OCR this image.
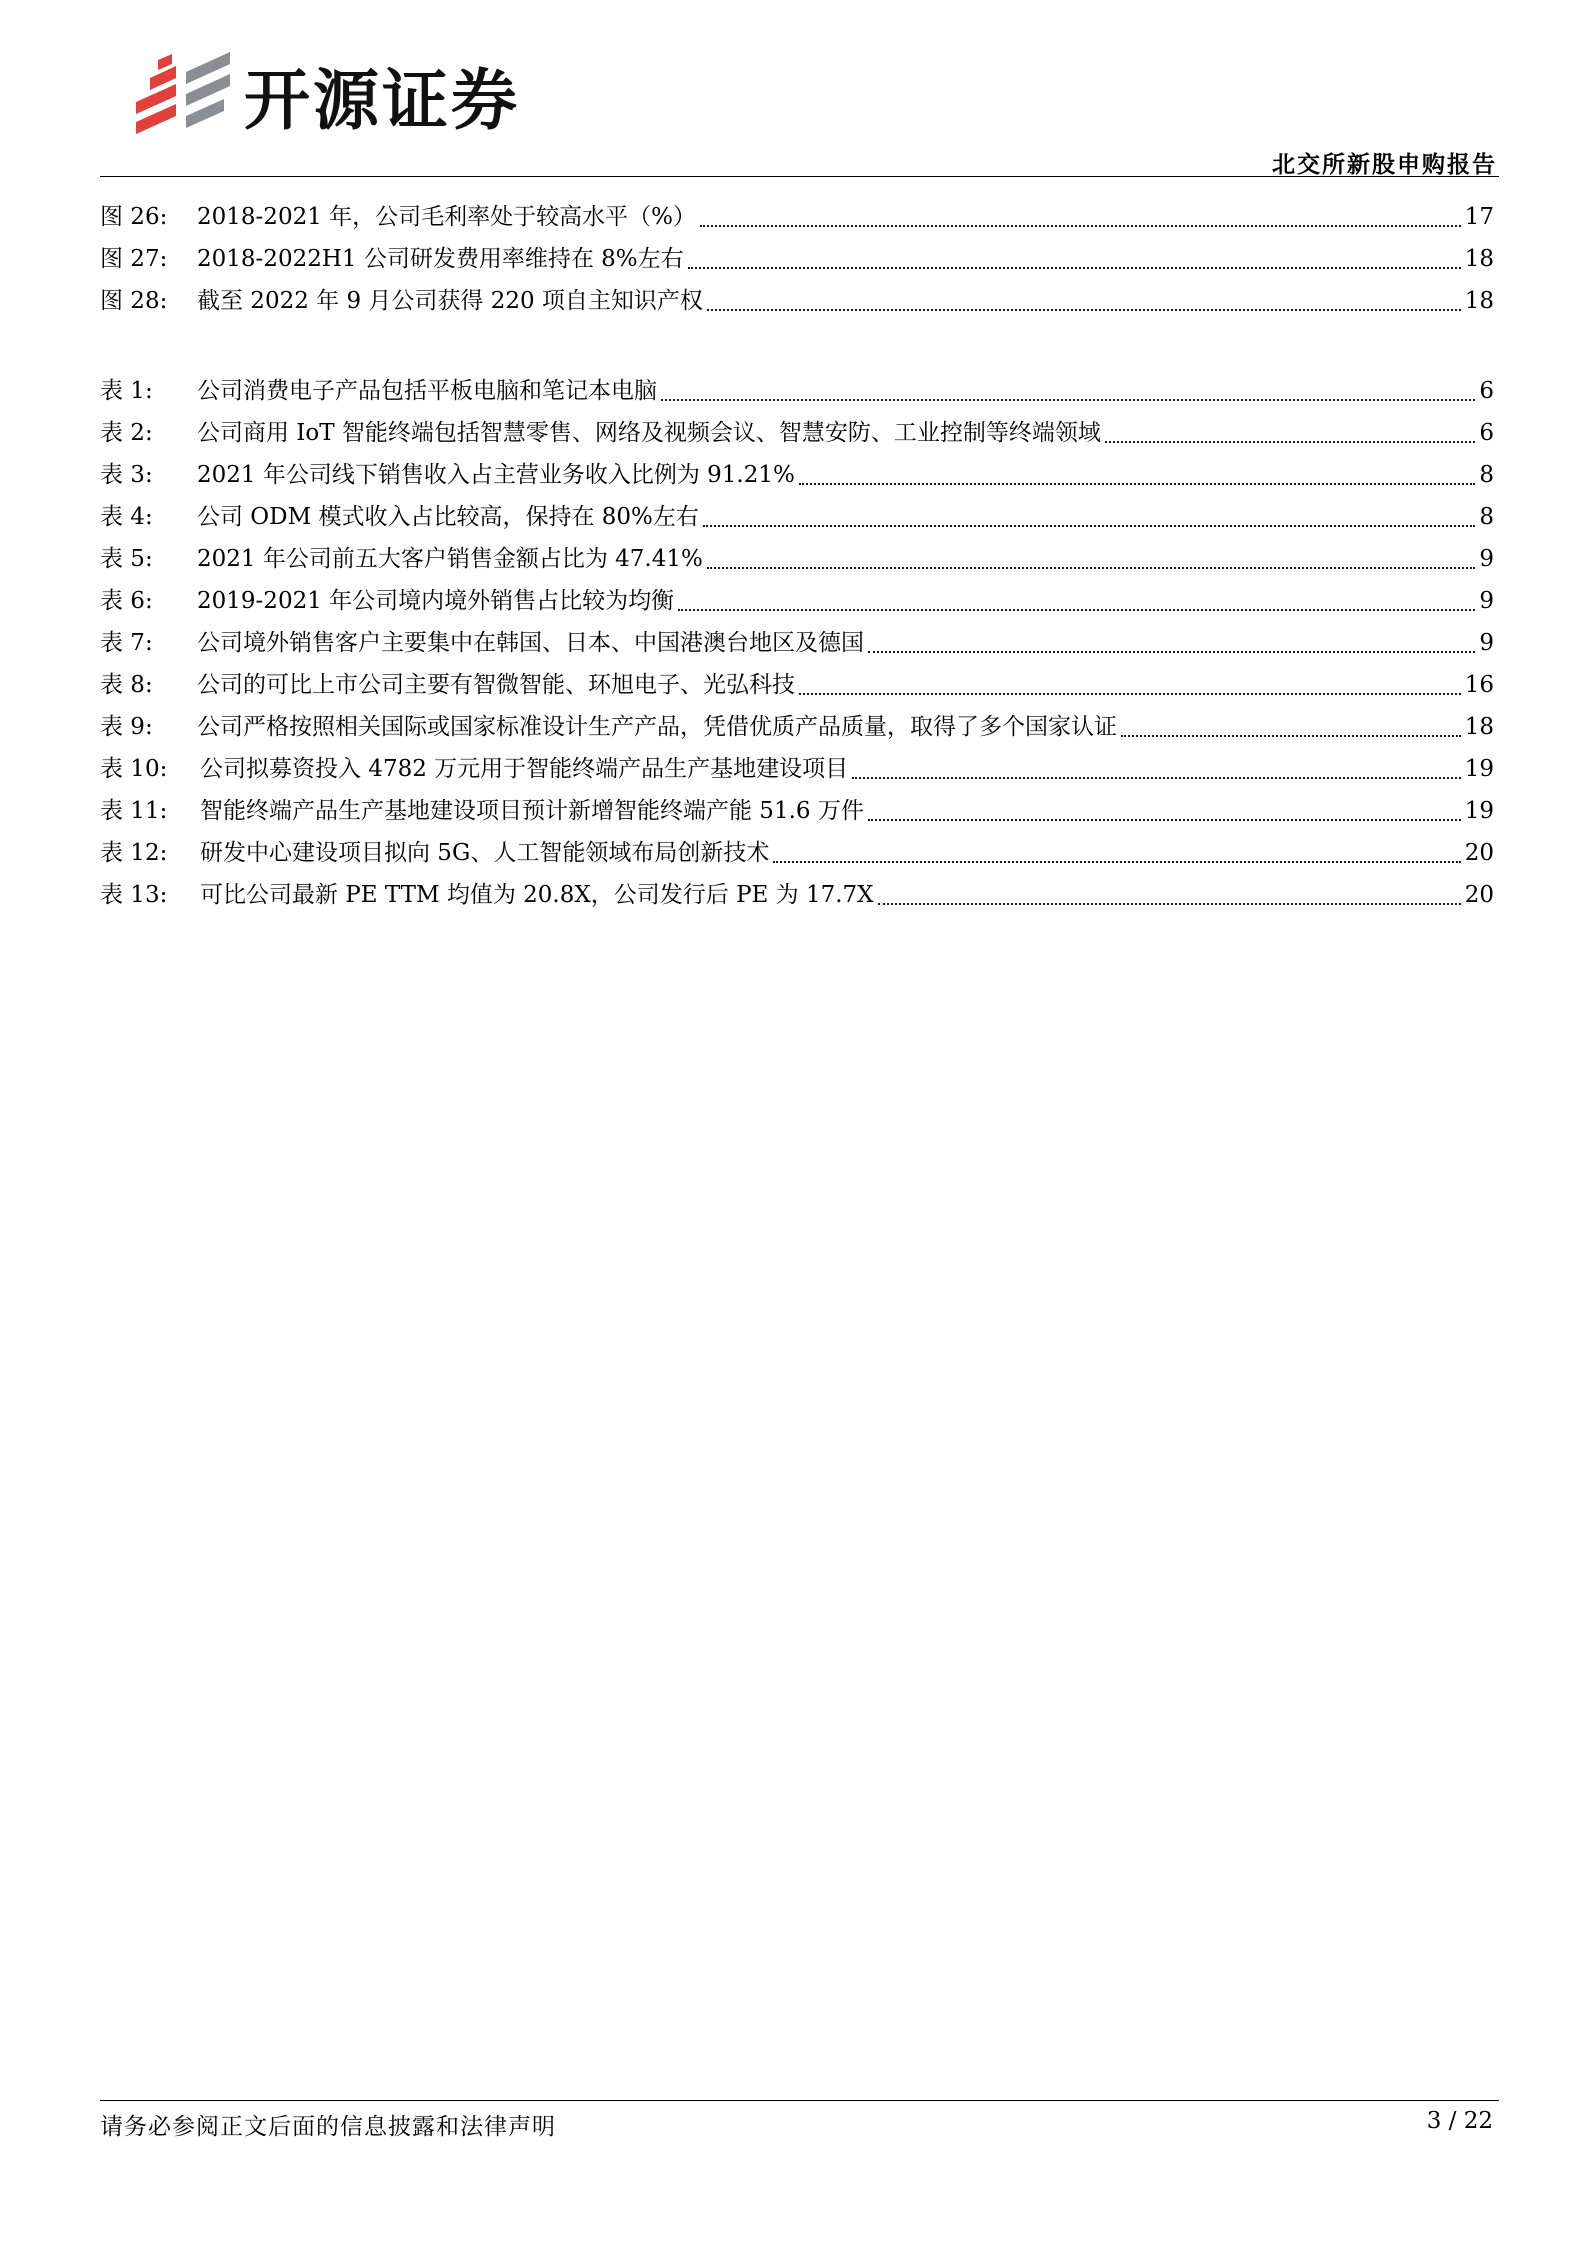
开源证券
北交所新股申购报告
图 26:	2018-2021 年，公司毛利率处于较高水平（%）	17
图 27:	2018-2022H1 公司研发费用率维持在 8%左右	18
图 28:	截至 2022 年 9 月公司获得 220 项自主知识产权	18
表 1:	公司消费电子产品包括平板电脑和笔记本电脑	6
表 2:	公司商用 IoT 智能终端包括智慧零售、网络及视频会议、智慧安防、工业控制等终端领域	6
表 3:	2021 年公司线下销售收入占主营业务收入比例为 91.21%	8
表 4:	公司 ODM 模式收入占比较高，保持在 80%左右	8
表 5:	2021 年公司前五大客户销售金额占比为 47.41%	9
表 6:	2019-2021 年公司境内境外销售占比较为均衡	9
表 7:	公司境外销售客户主要集中在韩国、日本、中国港澳台地区及德国	9
表 8:	公司的可比上市公司主要有智微智能、环旭电子、光弘科技	16
表 9:	公司严格按照相关国际或国家标准设计生产产品，凭借优质产品质量，取得了多个国家认证	18
表 10:	公司拟募资投入 4782 万元用于智能终端产品生产基地建设项目	19
表 11:	智能终端产品生产基地建设项目预计新增智能终端产能 51.6 万件	19
表 12:	研发中心建设项目拟向 5G、人工智能领域布局创新技术	20
表 13:	可比公司最新 PE TTM 均值为 20.8X，公司发行后 PE 为 17.7X	20
请务必参阅正文后面的信息披露和法律声明	3 / 22
